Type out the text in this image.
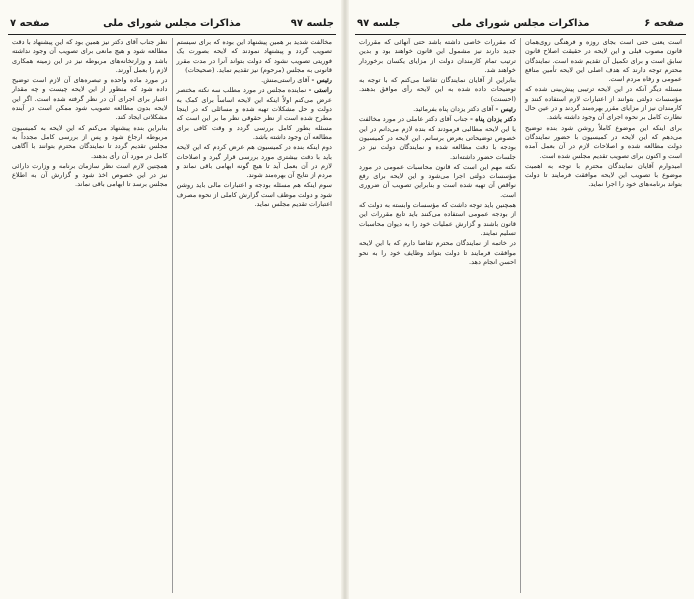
صفحه ۶
مذاکرات مجلس شورای ملی
جلسه ۹۷

است یعنی حتی است بجای روزه و فرهنگی روی‌همان قانون مصوب قبلی و این لایحه در حقیقت اصلاح قانون سابق است و برای تکمیل آن تقدیم شده است. نمایندگان محترم توجه دارند که هدف اصلی این لایحه تأمین منافع عمومی و رفاه مردم است.

مسئله دیگر آنکه در این لایحه ترتیبی پیش‌بینی شده که مؤسسات دولتی بتوانند از اعتبارات لازم استفاده کنند و کارمندان نیز از مزایای مقرر بهره‌مند گردند و در عین حال نظارت کامل بر نحوه اجرای آن وجود داشته باشد.

برای اینکه این موضوع کاملاً روشن شود بنده توضیح می‌دهم که این لایحه در کمیسیون با حضور نمایندگان دولت مطالعه شده و اصلاحات لازم در آن بعمل آمده است و اکنون برای تصویب تقدیم مجلس شده است.

امیدوارم آقایان نمایندگان محترم با توجه به اهمیت موضوع با تصویب این لایحه موافقت فرمایند تا دولت بتواند برنامه‌های خود را اجرا نماید.

که مقررات خاصی داشته باشد حتی آنهائی که مقررات جدید دارند نیز مشمول این قانون خواهند بود و بدین ترتیب تمام کارمندان دولت از مزایای یکسان برخوردار خواهند شد.

بنابراین از آقایان نمایندگان تقاضا می‌کنم که با توجه به توضیحات داده شده به این لایحه رأی موافق بدهند. (احسنت)

رئیس - آقای دکتر یزدان پناه بفرمائید.

دکتر یزدان پناه - جناب آقای دکتر عاملی در مورد مخالفت با این لایحه مطالبی فرمودند که بنده لازم می‌دانم در این خصوص توضیحاتی بعرض برسانم. این لایحه در کمیسیون بودجه با دقت مطالعه شده و نمایندگان دولت نیز در جلسات حضور داشته‌اند.

نکته مهم این است که قانون محاسبات عمومی در مورد مؤسسات دولتی اجرا می‌شود و این لایحه برای رفع نواقص آن تهیه شده است و بنابراین تصویب آن ضروری است.

همچنین باید توجه داشت که مؤسسات وابسته به دولت که از بودجه عمومی استفاده می‌کنند باید تابع مقررات این قانون باشند و گزارش عملیات خود را به دیوان محاسبات تسلیم نمایند.

در خاتمه از نمایندگان محترم تقاضا دارم که با این لایحه موافقت فرمایند تا دولت بتواند وظایف خود را به نحو احسن انجام دهد.

مذاکرات مجلس شورای ملی	جلسه ۹۷
صفحه ۷

مخالفت شدید بر همین پیشنهاد این بوده که برای سیستم تصویب گردد و پیشنهاد نمودند که لایحه بصورت یک فوریتی تصویب نشود که دولت بتواند آنرا در مدت مقرر قانونی به مجلس (مرحوم) نیز تقدیم نماید. (صحیحات)

رئیس - آقای راستی‌منش.

راستی - نماینده مجلس در مورد مطلب سه نکته مختصر عرض می‌کنم اولاً اینکه این لایحه اساساً برای کمک به دولت و حل مشکلات تهیه شده و مسائلی که در اینجا مطرح شده است از نظر حقوقی نظر ما بر این است که مسئله بطور کامل بررسی گردد و وقت کافی برای مطالعه آن وجود داشته باشد.

دوم اینکه بنده در کمیسیون هم عرض کردم که این لایحه باید با دقت بیشتری مورد بررسی قرار گیرد و اصلاحات لازم در آن بعمل آید تا هیچ گونه ابهامی باقی نماند و مردم از نتایج آن بهره‌مند شوند.

سوم اینکه هم مسئله بودجه و اعتبارات مالی باید روشن شود و دولت موظف است گزارش کاملی از نحوه مصرف اعتبارات تقدیم مجلس نماید.

نظر جناب آقای دکتر نیز همین بود که این پیشنهاد با دقت مطالعه شود و هیچ مانعی برای تصویب آن وجود نداشته باشد و وزارتخانه‌های مربوطه نیز در این زمینه همکاری لازم را بعمل آورند.

در مورد ماده واحده و تبصره‌های آن لازم است توضیح داده شود که منظور از این لایحه چیست و چه مقدار اعتبار برای اجرای آن در نظر گرفته شده است. اگر این لایحه بدون مطالعه تصویب شود ممکن است در آینده مشکلاتی ایجاد کند.

بنابراین بنده پیشنهاد می‌کنم که این لایحه به کمیسیون مربوطه ارجاع شود و پس از بررسی کامل مجدداً به مجلس تقدیم گردد تا نمایندگان محترم بتوانند با آگاهی کامل در مورد آن رأی بدهند.

همچنین لازم است نظر سازمان برنامه و وزارت دارائی نیز در این خصوص اخذ شود و گزارش آن به اطلاع مجلس برسد تا ابهامی باقی نماند.
